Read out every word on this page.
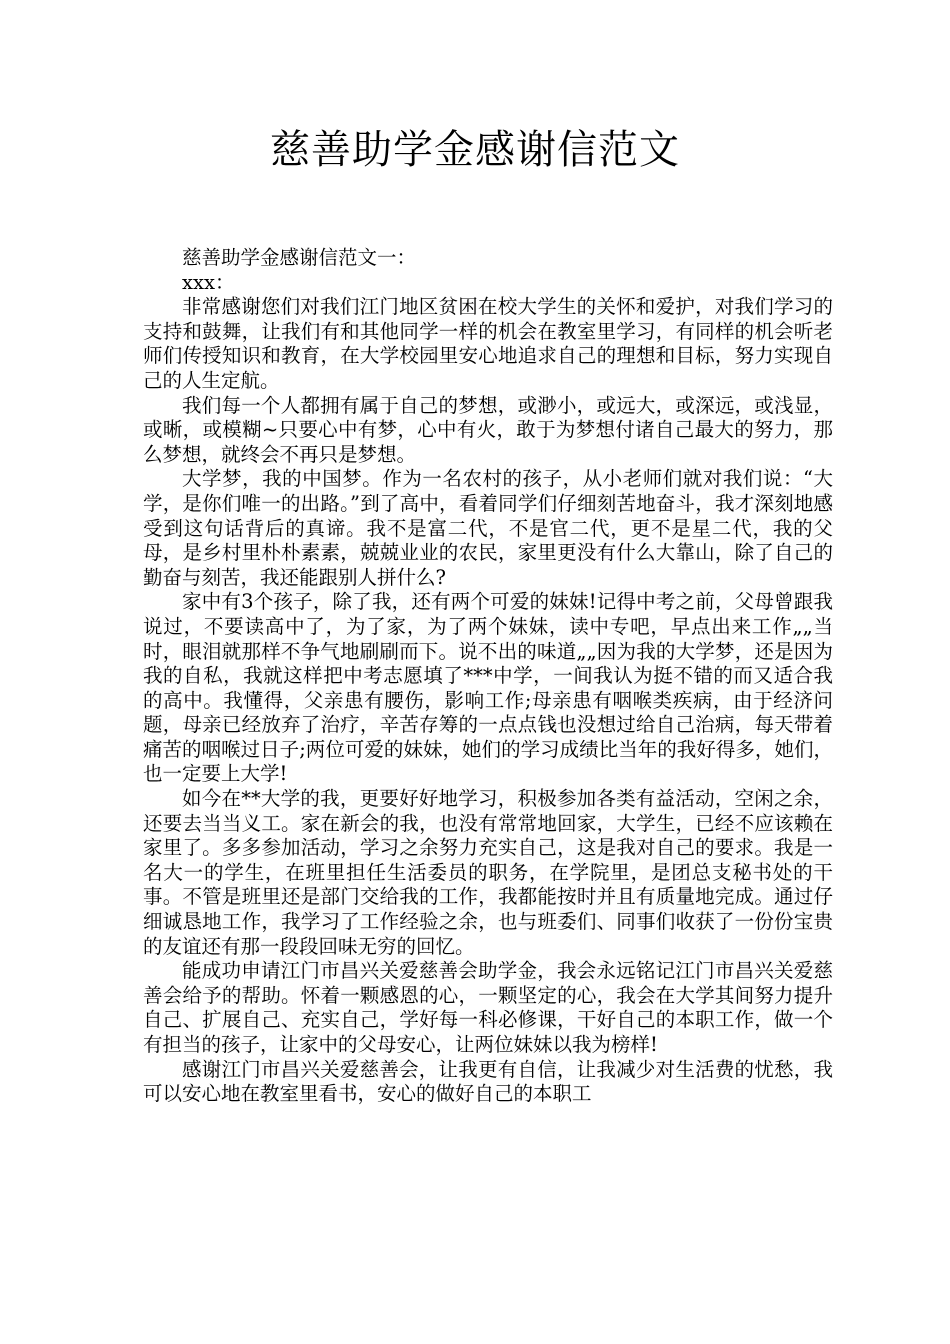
慈善助学金感谢信范文

慈善助学金感谢信范文一：

xxx：

非常感谢您们对我们江门地区贫困在校大学生的关怀和爱护，对我们学习的支持和鼓舞，让我们有和其他同学一样的机会在教室里学习，有同样的机会听老师们传授知识和教育，在大学校园里安心地追求自己的理想和目标，努力实现自己的人生定航。

我们每一个人都拥有属于自己的梦想，或渺小，或远大，或深远，或浅显，或晰，或模糊~只要心中有梦，心中有火，敢于为梦想付诸自己最大的努力，那么梦想，就终会不再只是梦想。

大学梦，我的中国梦。作为一名农村的孩子，从小老师们就对我们说：“大学，是你们唯一的出路。”到了高中，看着同学们仔细刻苦地奋斗，我才深刻地感受到这句话背后的真谛。我不是富二代，不是官二代，更不是星二代，我的父母，是乡村里朴朴素素，兢兢业业的农民，家里更没有什么大靠山，除了自己的勤奋与刻苦，我还能跟别人拼什么?

家中有3个孩子，除了我，还有两个可爱的妹妹!记得中考之前，父母曾跟我说过，不要读高中了，为了家，为了两个妹妹，读中专吧，早点出来工作„„当时，眼泪就那样不争气地刷刷而下。说不出的味道„„因为我的大学梦，还是因为我的自私，我就这样把中考志愿填了***中学，一间我认为挺不错的而又适合我的高中。我懂得，父亲患有腰伤，影响工作;母亲患有咽喉类疾病，由于经济问题，母亲已经放弃了治疗，辛苦存筹的一点点钱也没想过给自己治病，每天带着痛苦的咽喉过日子;两位可爱的妹妹，她们的学习成绩比当年的我好得多，她们，也一定要上大学!

如今在**大学的我，更要好好地学习，积极参加各类有益活动，空闲之余，还要去当当义工。家在新会的我，也没有常常地回家，大学生，已经不应该赖在家里了。多多参加活动，学习之余努力充实自己，这是我对自己的要求。我是一名大一的学生，在班里担任生活委员的职务，在学院里，是团总支秘书处的干事。不管是班里还是部门交给我的工作，我都能按时并且有质量地完成。通过仔细诚恳地工作，我学习了工作经验之余，也与班委们、同事们收获了一份份宝贵的友谊还有那一段段回味无穷的回忆。

能成功申请江门市昌兴关爱慈善会助学金，我会永远铭记江门市昌兴关爱慈善会给予的帮助。怀着一颗感恩的心，一颗坚定的心，我会在大学其间努力提升自己、扩展自己、充实自己，学好每一科必修课，干好自己的本职工作，做一个有担当的孩子，让家中的父母安心，让两位妹妹以我为榜样!

感谢江门市昌兴关爱慈善会，让我更有自信，让我减少对生活费的忧愁，我可以安心地在教室里看书，安心的做好自己的本职工
